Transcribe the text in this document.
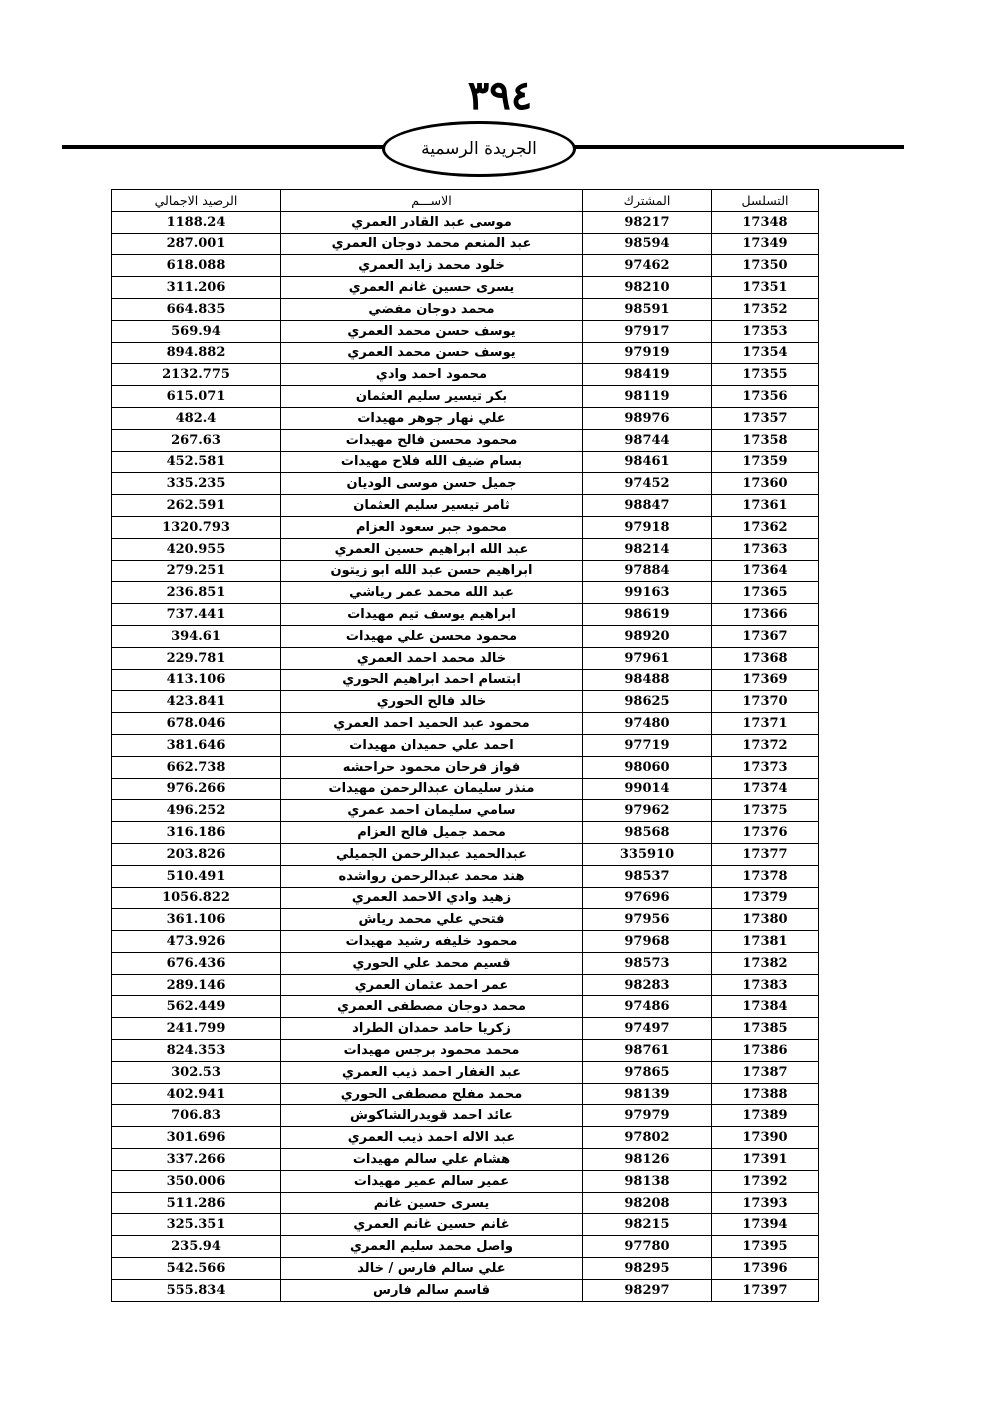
٣٩٤
الجريدة الرسمية
التسلسل	المشترك	الاســـم	الرصيد الاجمالي
17348	98217	موسى عبد القادر العمري	1188.24
17349	98594	عبد المنعم محمد دوجان العمري	287.001
17350	97462	خلود محمد زايد العمري	618.088
17351	98210	يسرى حسين غانم العمري	311.206
17352	98591	محمد دوجان مفضي	664.835
17353	97917	يوسف حسن محمد العمري	569.94
17354	97919	يوسف حسن محمد العمري	894.882
17355	98419	محمود احمد وادي	2132.775
17356	98119	بكر تيسير سليم العثمان	615.071
17357	98976	علي نهار جوهر مهيدات	482.4
17358	98744	محمود محسن فالح مهيدات	267.63
17359	98461	بسام ضيف الله فلاح مهيدات	452.581
17360	97452	جميل حسن موسى الوديان	335.235
17361	98847	ثامر تيسير سليم العثمان	262.591
17362	97918	محمود جبر سعود العزام	1320.793
17363	98214	عبد الله ابراهيم حسين العمري	420.955
17364	97884	ابراهيم حسن عبد الله ابو زيتون	279.251
17365	99163	عبد الله محمد عمر رياشي	236.851
17366	98619	ابراهيم يوسف تيم مهيدات	737.441
17367	98920	محمود محسن علي مهيدات	394.61
17368	97961	خالد محمد احمد العمري	229.781
17369	98488	ابتسام احمد ابراهيم الحوري	413.106
17370	98625	خالد فالح الحوري	423.841
17371	97480	محمود عبد الحميد احمد العمري	678.046
17372	97719	احمد علي حميدان مهيدات	381.646
17373	98060	فواز فرحان محمود حراحشه	662.738
17374	99014	منذر سليمان عبدالرحمن مهيدات	976.266
17375	97962	سامي سليمان احمد عمري	496.252
17376	98568	محمد جميل فالح العزام	316.186
17377	335910	عبدالحميد عبدالرحمن الجميلي	203.826
17378	98537	هند محمد عبدالرحمن رواشده	510.491
17379	97696	زهيد وادي الاحمد العمري	1056.822
17380	97956	فتحي علي محمد رياش	361.106
17381	97968	محمود خليفه رشيد مهيدات	473.926
17382	98573	قسيم محمد علي الحوري	676.436
17383	98283	عمر احمد عثمان العمري	289.146
17384	97486	محمد دوجان مصطفى العمري	562.449
17385	97497	زكريا حامد حمدان الطراد	241.799
17386	98761	محمد محمود برجس مهيدات	824.353
17387	97865	عبد الغفار احمد ذيب العمري	302.53
17388	98139	محمد مفلح مصطفى الحوري	402.941
17389	97979	عائد احمد قويدرالشاكوش	706.83
17390	97802	عبد الاله احمد ذيب العمري	301.696
17391	98126	هشام علي سالم مهيدات	337.266
17392	98138	عمير سالم عمير مهيدات	350.006
17393	98208	يسرى حسين غانم	511.286
17394	98215	غانم حسين غانم العمري	325.351
17395	97780	واصل محمد سليم العمري	235.94
17396	98295	علي سالم فارس / خالد	542.566
17397	98297	قاسم سالم فارس	555.834
